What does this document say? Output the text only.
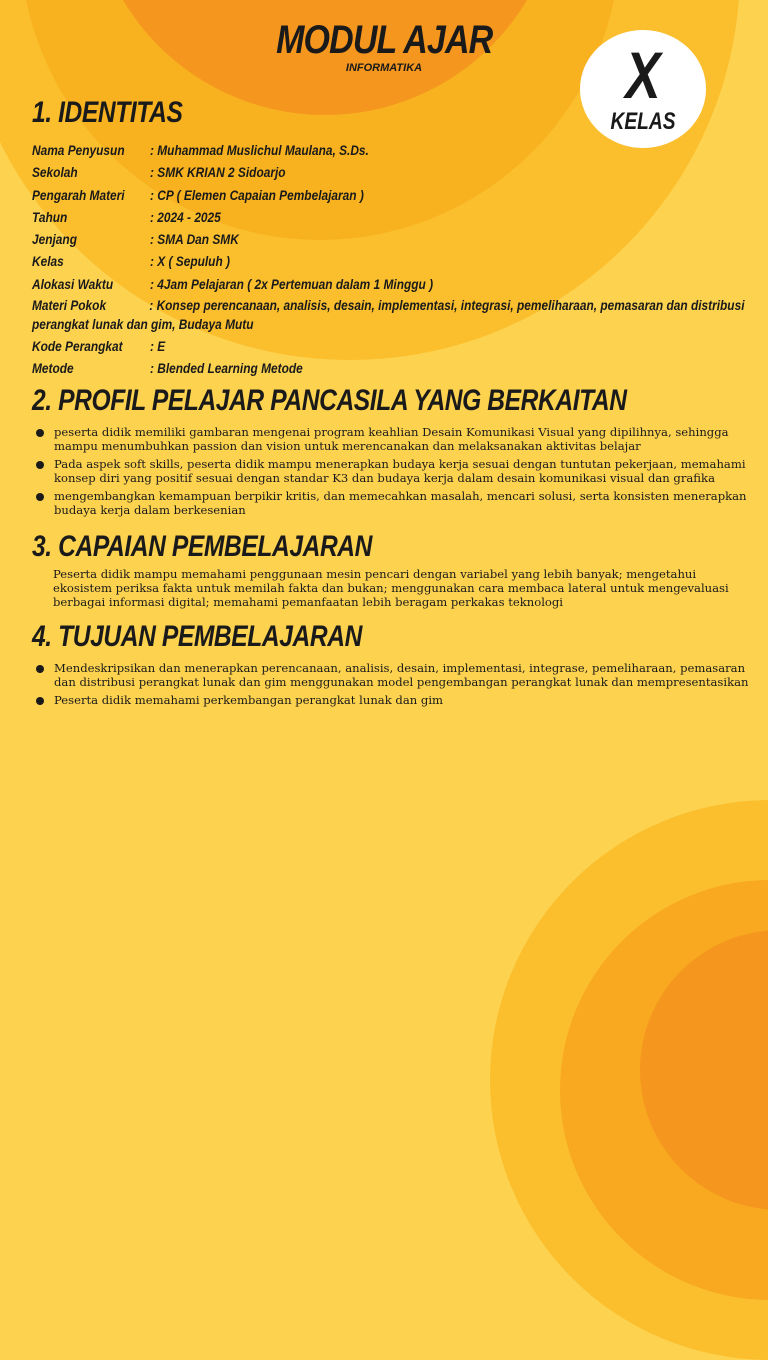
MODUL AJAR
INFORMATIKA	X
KELAS
1. IDENTITAS
Nama Penyusun : Muhammad Muslichul Maulana, S.Ds.
Sekolah	: SMK KRIAN 2 Sidoarjo
Pengarah Materi : CP ( Elemen Capaian Pembelajaran )
Tahun	: 2024 - 2025
Jenjang	: SMA Dan SMK
Kelas	: X ( Sepuluh )
Alokasi Waktu	: 4Jam Pelajaran ( 2x Pertemuan dalam 1 Minggu )
Materi Pokok	: Konsep perencanaan, analisis, desain, implementasi, integrasi, pemeliharaan, pemasaran dan distribusi perangkat lunak dan gim, Budaya Mutu
Kode Perangkat : E
Metode	: Blended Learning Metode
2. PROFIL PELAJAR PANCASILA YANG BERKAITAN
peserta didik memiliki gambaran mengenai program keahlian Desain Komunikasi Visual yang dipilihnya, sehingga mampu menumbuhkan passion dan vision untuk merencanakan dan melaksanakan aktivitas belajar
Pada aspek soft skills, peserta didik mampu menerapkan budaya kerja sesuai dengan tuntutan pekerjaan, memahami konsep diri yang positif sesuai dengan standar K3 dan budaya kerja dalam desain komunikasi visual dan grafika
mengembangkan kemampuan berpikir kritis, dan memecahkan masalah, mencari solusi, serta konsisten menerapkan budaya kerja dalam berkesenian
3. CAPAIAN PEMBELAJARAN

Peserta didik mampu memahami penggunaan mesin pencari dengan variabel yang lebih banyak; mengetahui ekosistem periksa fakta untuk memilah fakta dan bukan; menggunakan cara membaca lateral untuk mengevaluasi berbagai informasi digital; memahami pemanfaatan lebih beragam perkakas teknologi

4. TUJUAN PEMBELAJARAN
Mendeskripsikan dan menerapkan perencanaan, analisis, desain, implementasi, integrase, pemeliharaan, pemasaran dan distribusi perangkat lunak dan gim menggunakan model pengembangan perangkat lunak dan mempresentasikan
Peserta didik memahami perkembangan perangkat lunak dan gim
